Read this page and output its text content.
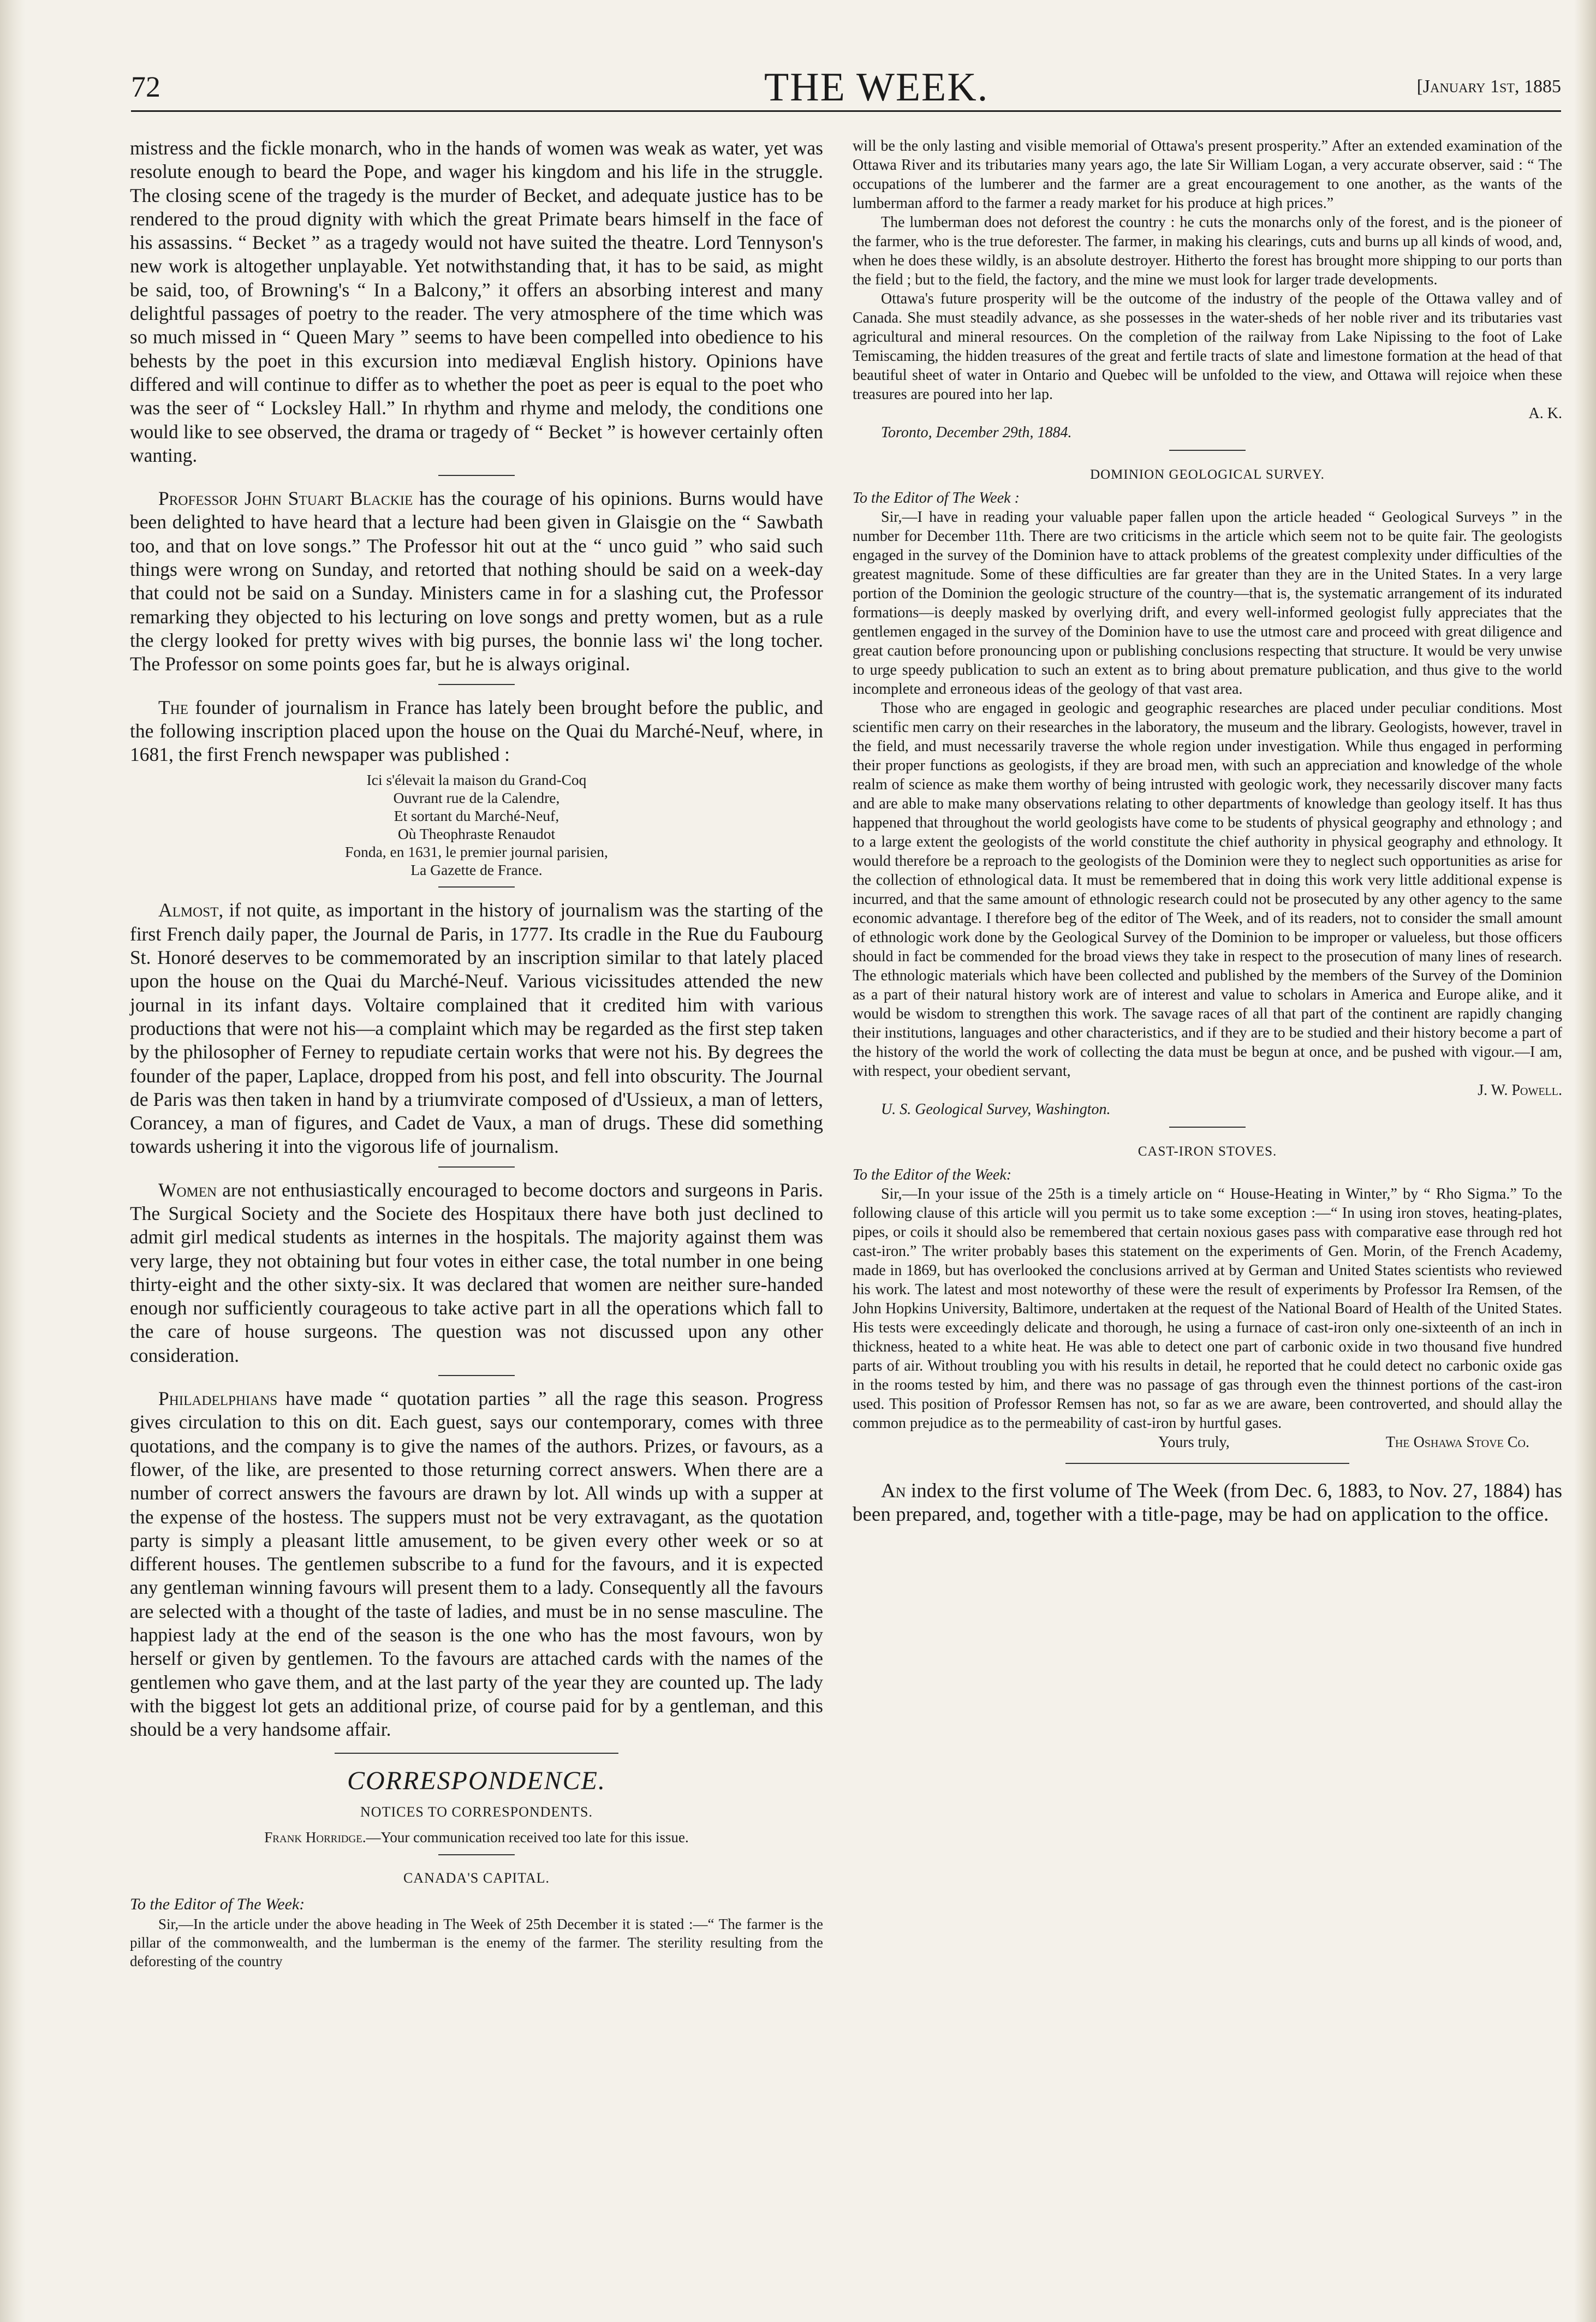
72	THE WEEK.	[January 1st, 1885

mistress and the fickle monarch, who in the hands of women was weak as water, yet was resolute enough to beard the Pope, and wager his kingdom and his life in the struggle. The closing scene of the tragedy is the murder of Becket, and adequate justice has to be rendered to the proud dignity with which the great Primate bears himself in the face of his assassins. “ Becket ” as a tragedy would not have suited the theatre. Lord Tennyson's new work is altogether unplayable. Yet notwithstanding that, it has to be said, as might be said, too, of Browning's “ In a Balcony,” it offers an absorbing interest and many delightful passages of poetry to the reader. The very atmosphere of the time which was so much missed in “ Queen Mary ” seems to have been compelled into obedience to his behests by the poet in this excursion into mediæval English history. Opinions have differed and will continue to differ as to whether the poet as peer is equal to the poet who was the seer of “ Locksley Hall.” In rhythm and rhyme and melody, the conditions one would like to see observed, the drama or tragedy of “ Becket ” is however certainly often wanting.

Professor John Stuart Blackie has the courage of his opinions. Burns would have been delighted to have heard that a lecture had been given in Glaisgie on the “ Sawbath too, and that on love songs.” The Professor hit out at the “ unco guid ” who said such things were wrong on Sunday, and retorted that nothing should be said on a week-day that could not be said on a Sunday. Ministers came in for a slashing cut, the Professor remarking they objected to his lecturing on love songs and pretty women, but as a rule the clergy looked for pretty wives with big purses, the bonnie lass wi' the long tocher. The Professor on some points goes far, but he is always original.

The founder of journalism in France has lately been brought before the public, and the following inscription placed upon the house on the Quai du Marché-Neuf, where, in 1681, the first French newspaper was published :

Ici s'élevait la maison du Grand-Coq
Ouvrant rue de la Calendre,
Et sortant du Marché-Neuf,
Où Theophraste Renaudot
Fonda, en 1631, le premier journal parisien,
La Gazette de France.

Almost, if not quite, as important in the history of journalism was the starting of the first French daily paper, the Journal de Paris, in 1777. Its cradle in the Rue du Faubourg St. Honoré deserves to be commemorated by an inscription similar to that lately placed upon the house on the Quai du Marché-Neuf. Various vicissitudes attended the new journal in its infant days. Voltaire complained that it credited him with various productions that were not his—a complaint which may be regarded as the first step taken by the philosopher of Ferney to repudiate certain works that were not his. By degrees the founder of the paper, Laplace, dropped from his post, and fell into obscurity. The Journal de Paris was then taken in hand by a triumvirate composed of d'Ussieux, a man of letters, Corancey, a man of figures, and Cadet de Vaux, a man of drugs. These did something towards ushering it into the vigorous life of journalism.

Women are not enthusiastically encouraged to become doctors and surgeons in Paris. The Surgical Society and the Societe des Hospitaux there have both just declined to admit girl medical students as internes in the hospitals. The majority against them was very large, they not obtaining but four votes in either case, the total number in one being thirty-eight and the other sixty-six. It was declared that women are neither sure-handed enough nor sufficiently courageous to take active part in all the operations which fall to the care of house surgeons. The question was not discussed upon any other consideration.

Philadelphians have made “ quotation parties ” all the rage this season. Progress gives circulation to this on dit. Each guest, says our contemporary, comes with three quotations, and the company is to give the names of the authors. Prizes, or favours, as a flower, of the like, are presented to those returning correct answers. When there are a number of correct answers the favours are drawn by lot. All winds up with a supper at the expense of the hostess. The suppers must not be very extravagant, as the quotation party is simply a pleasant little amusement, to be given every other week or so at different houses. The gentlemen subscribe to a fund for the favours, and it is expected any gentleman winning favours will present them to a lady. Consequently all the favours are selected with a thought of the taste of ladies, and must be in no sense masculine. The happiest lady at the end of the season is the one who has the most favours, won by herself or given by gentlemen. To the favours are attached cards with the names of the gentlemen who gave them, and at the last party of the year they are counted up. The lady with the biggest lot gets an additional prize, of course paid for by a gentleman, and this should be a very handsome affair.

CORRESPONDENCE.
NOTICES TO CORRESPONDENTS.

Frank Horridge.—Your communication received too late for this issue.

CANADA'S CAPITAL.

To the Editor of The Week:

Sir,—In the article under the above heading in The Week of 25th December it is stated :—“ The farmer is the pillar of the commonwealth, and the lumberman is the enemy of the farmer. The sterility resulting from the deforesting of the country

will be the only lasting and visible memorial of Ottawa's present prosperity.” After an extended examination of the Ottawa River and its tributaries many years ago, the late Sir William Logan, a very accurate observer, said : “ The occupations of the lumberer and the farmer are a great encouragement to one another, as the wants of the lumberman afford to the farmer a ready market for his produce at high prices.”

The lumberman does not deforest the country : he cuts the monarchs only of the forest, and is the pioneer of the farmer, who is the true deforester. The farmer, in making his clearings, cuts and burns up all kinds of wood, and, when he does these wildly, is an absolute destroyer. Hitherto the forest has brought more shipping to our ports than the field ; but to the field, the factory, and the mine we must look for larger trade developments.

Ottawa's future prosperity will be the outcome of the industry of the people of the Ottawa valley and of Canada. She must steadily advance, as she possesses in the water-sheds of her noble river and its tributaries vast agricultural and mineral resources. On the completion of the railway from Lake Nipissing to the foot of Lake Temiscaming, the hidden treasures of the great and fertile tracts of slate and limestone formation at the head of that beautiful sheet of water in Ontario and Quebec will be unfolded to the view, and Ottawa will rejoice when these treasures are poured into her lap.

A. K.

Toronto, December 29th, 1884.

DOMINION GEOLOGICAL SURVEY.

To the Editor of The Week :

Sir,—I have in reading your valuable paper fallen upon the article headed “ Geological Surveys ” in the number for December 11th. There are two criticisms in the article which seem not to be quite fair. The geologists engaged in the survey of the Dominion have to attack problems of the greatest complexity under difficulties of the greatest magnitude. Some of these difficulties are far greater than they are in the United States. In a very large portion of the Dominion the geologic structure of the country—that is, the systematic arrangement of its indurated formations—is deeply masked by overlying drift, and every well-informed geologist fully appreciates that the gentlemen engaged in the survey of the Dominion have to use the utmost care and proceed with great diligence and great caution before pronouncing upon or publishing conclusions respecting that structure. It would be very unwise to urge speedy publication to such an extent as to bring about premature publication, and thus give to the world incomplete and erroneous ideas of the geology of that vast area.

Those who are engaged in geologic and geographic researches are placed under peculiar conditions. Most scientific men carry on their researches in the laboratory, the museum and the library. Geologists, however, travel in the field, and must necessarily traverse the whole region under investigation. While thus engaged in performing their proper functions as geologists, if they are broad men, with such an appreciation and knowledge of the whole realm of science as make them worthy of being intrusted with geologic work, they necessarily discover many facts and are able to make many observations relating to other departments of knowledge than geology itself. It has thus happened that throughout the world geologists have come to be students of physical geography and ethnology ; and to a large extent the geologists of the world constitute the chief authority in physical geography and ethnology. It would therefore be a reproach to the geologists of the Dominion were they to neglect such opportunities as arise for the collection of ethnological data. It must be remembered that in doing this work very little additional expense is incurred, and that the same amount of ethnologic research could not be prosecuted by any other agency to the same economic advantage. I therefore beg of the editor of The Week, and of its readers, not to consider the small amount of ethnologic work done by the Geological Survey of the Dominion to be improper or valueless, but those officers should in fact be commended for the broad views they take in respect to the prosecution of many lines of research. The ethnologic materials which have been collected and published by the members of the Survey of the Dominion as a part of their natural history work are of interest and value to scholars in America and Europe alike, and it would be wisdom to strengthen this work. The savage races of all that part of the continent are rapidly changing their institutions, languages and other characteristics, and if they are to be studied and their history become a part of the history of the world the work of collecting the data must be begun at once, and be pushed with vigour.—I am, with respect, your obedient servant,

J. W. Powell.

U. S. Geological Survey, Washington.

CAST-IRON STOVES.

To the Editor of the Week:

Sir,—In your issue of the 25th is a timely article on “ House-Heating in Winter,” by “ Rho Sigma.” To the following clause of this article will you permit us to take some exception :—“ In using iron stoves, heating-plates, pipes, or coils it should also be remembered that certain noxious gases pass with comparative ease through red hot cast-iron.” The writer probably bases this statement on the experiments of Gen. Morin, of the French Academy, made in 1869, but has overlooked the conclusions arrived at by German and United States scientists who reviewed his work. The latest and most noteworthy of these were the result of experiments by Professor Ira Remsen, of the John Hopkins University, Baltimore, undertaken at the request of the National Board of Health of the United States. His tests were exceedingly delicate and thorough, he using a furnace of cast-iron only one-sixteenth of an inch in thickness, heated to a white heat. He was able to detect one part of carbonic oxide in two thousand five hundred parts of air. Without troubling you with his results in detail, he reported that he could detect no carbonic oxide gas in the rooms tested by him, and there was no passage of gas through even the thinnest portions of the cast-iron used. This position of Professor Remsen has not, so far as we are aware, been controverted, and should allay the common prejudice as to the permeability of cast-iron by hurtful gases.

Yours truly,	The Oshawa Stove Co.

An index to the first volume of The Week (from Dec. 6, 1883, to Nov. 27, 1884) has been prepared, and, together with a title-page, may be had on application to the office.
